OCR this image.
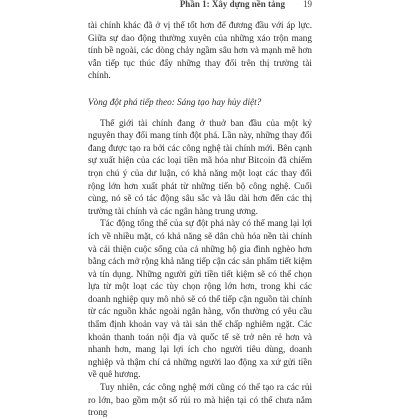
Phần 1: Xây dựng nền tảng 19

tài chính khác đã ở vị thế tốt hơn để đương đầu với áp lực. Giữa sự dao động thường xuyên của những xáo trộn mang tính bề ngoài, các dòng chảy ngầm sâu hơn và mạnh mẽ hơn vẫn tiếp tục thúc đẩy những thay đổi trên thị trường tài chính.

Vòng đột phá tiếp theo: Sáng tạo hay hủy diệt?

Thế giới tài chính đang ở thuở ban đầu của một kỷ nguyên thay đổi mang tính đột phá. Lần này, những thay đổi đang được tạo ra bởi các công nghệ tài chính mới. Bên cạnh sự xuất hiện của các loại tiền mã hóa như Bitcoin đã chiếm trọn chú ý của dư luận, có khả năng một loạt các thay đổi rộng lớn hơn xuất phát từ những tiến bộ công nghệ. Cuối cùng, nó sẽ có tác động sâu sắc và lâu dài hơn đến các thị trường tài chính và các ngân hàng trung ương.

Tác động tổng thể của sự đột phá này có thể mang lại lợi ích về nhiều mặt, có khả năng sẽ dân chủ hóa nền tài chính và cải thiện cuộc sống của cả những hộ gia đình nghèo hơn bằng cách mở rộng khả năng tiếp cận các sản phẩm tiết kiệm và tín dụng. Những người gửi tiền tiết kiệm sẽ có thể chọn lựa từ một loạt các tùy chọn rộng lớn hơn, trong khi các doanh nghiệp quy mô nhỏ sẽ có thể tiếp cận nguồn tài chính từ các nguồn khác ngoài ngân hàng, vốn thường có yêu cầu thẩm định khoản vay và tài sản thế chấp nghiêm ngặt. Các khoản thanh toán nội địa và quốc tế sẽ trở nên rẻ hơn và nhanh hơn, mang lại lợi ích cho người tiêu dùng, doanh nghiệp và thậm chí cả những người lao động xa xứ gửi tiền về quê hương.

Tuy nhiên, các công nghệ mới cũng có thể tạo ra các rủi ro lớn, bao gồm một số rủi ro mà hiện tại có thể chưa nắm trong
